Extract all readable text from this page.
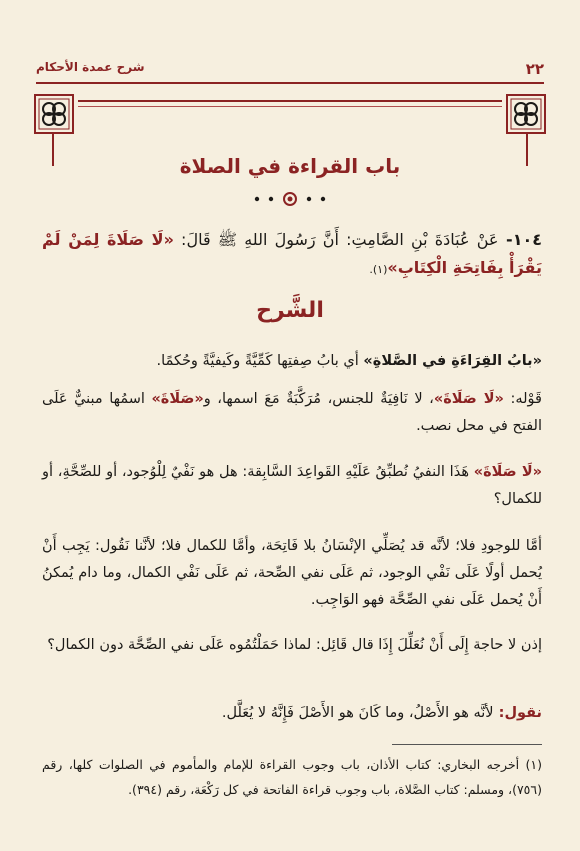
٢٢
شرح عمدة الأحكام
باب القراءة في الصلاة
١٠٤- عَنْ عُبَادَةَ بْنِ الصَّامِتِ: أَنَّ رَسُولَ اللهِ ﷺ قَالَ: «لَا صَلَاةَ لِمَنْ لَمْ يَقْرَأْ بِفَاتِحَةِ الْكِتَابِ»(١).
الشَّرح
«بابُ القِرَاءَةِ في الصَّلاةِ» أي بابُ صِفتِها كَمِّيَّةً وكَيفيَّةً وحُكمًا.
قَوْله: «لَا صَلَاةَ»، لا نَافِيَةٌ للجنس، مُرَكَّبَةٌ مَعَ اسمها، و«صَلَاةَ» اسمُها مبنيٌّ عَلَى الفتح في محل نصب.
«لَا صَلَاةَ» هَذَا النفيُ نُطبِّقُ عَلَيْهِ القَواعِدَ السَّابِقة: هل هو نَفْيٌ لِلْوُجود، أو للصِّحَّةِ، أو للكمال؟
أمَّا للوجودِ فلا؛ لأنَّه قد يُصَلِّي الإنْسَانُ بلا فَاتِحَة، وأمَّا للكمال فلا؛ لأنَّنا نَقُول: يَجِب أَنْ يُحمل أولًا عَلَى نَفْي الوجود، ثم عَلَى نفي الصِّحة، ثم عَلَى نَفْي الكمال، وما دام يُمكنُ أَنْ يُحمل عَلَى نفي الصِّحَّة فهو الوَاجِب.
إذن لا حاجة إِلَى أَنْ نُعَلِّلَ إِذَا قال قَائِل: لماذا حَمَلْتُمُوه عَلَى نفي الصِّحَّة دون الكمال؟
نقول: لأنَّه هو الأَصْلُ، وما كَانَ هو الأَصْلَ فَإِنَّهُ لا يُعَلَّل.
(١) أخرجه البخاري: كتاب الأذان، باب وجوب القراءة للإمام والمأموم في الصلوات كلها، رقم (٧٥٦)، ومسلم: كتاب الصَّلاة، باب وجوب قراءة الفاتحة في كل رَكْعَة، رقم (٣٩٤).
